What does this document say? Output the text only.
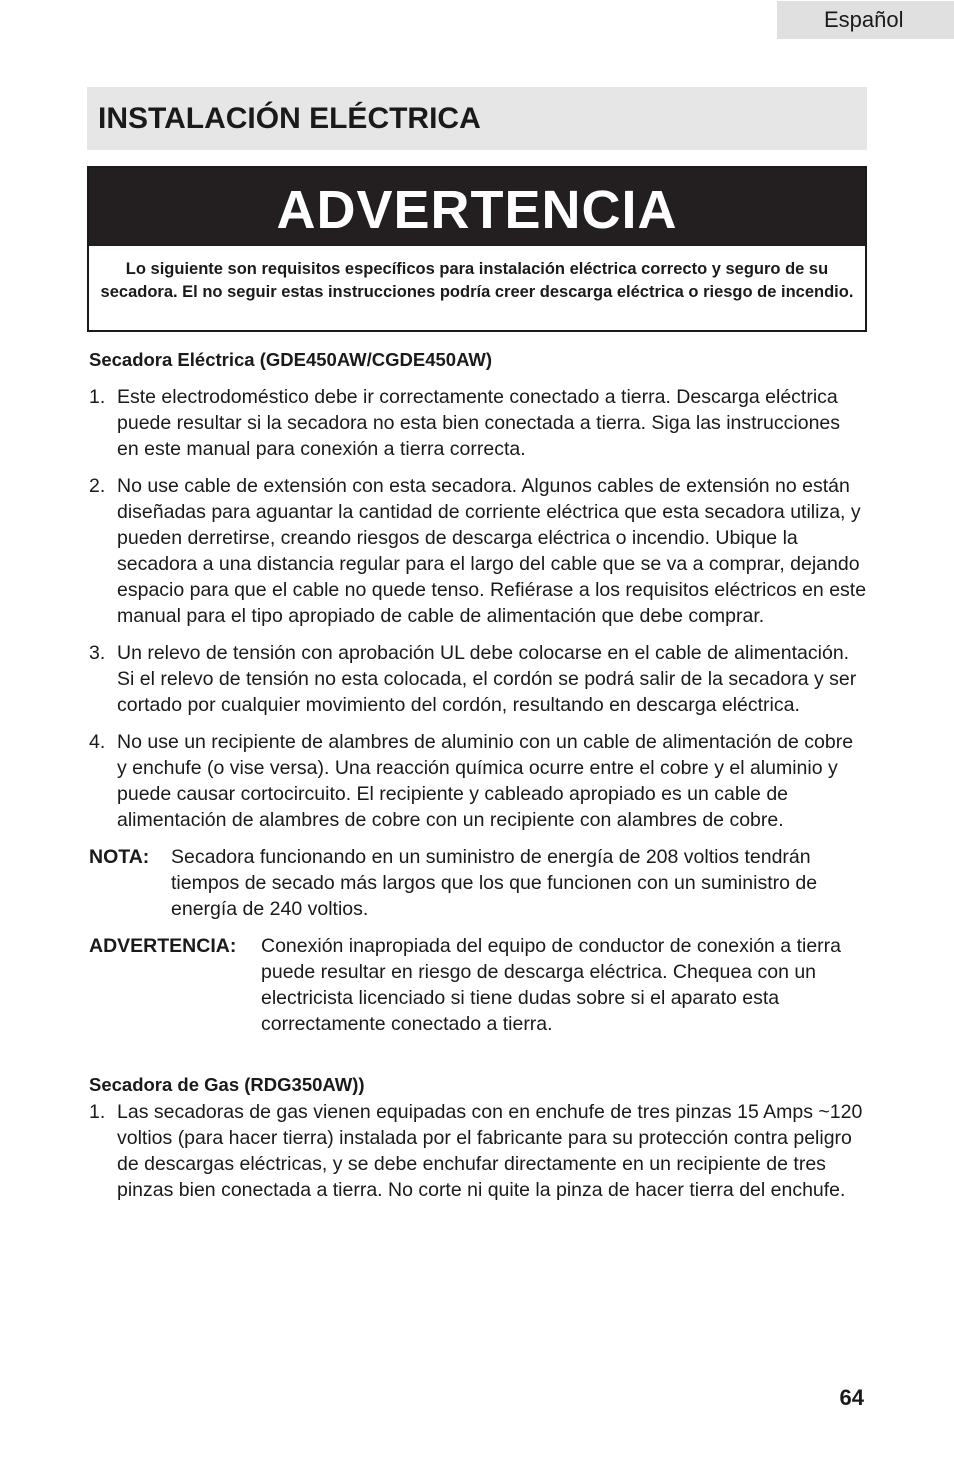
Español
INSTALACIÓN ELÉCTRICA
ADVERTENCIA
Lo siguiente son requisitos específicos para instalación eléctrica correcto y seguro de su secadora. El no seguir estas instrucciones podría creer descarga eléctrica o riesgo de incendio.

Secadora Eléctrica (GDE450AW/CGDE450AW)

1. Este electrodoméstico debe ir correctamente conectado a tierra. Descarga eléctrica puede resultar si la secadora no esta bien conectada a tierra. Siga las instrucciones en este manual para conexión a tierra correcta.
2. No use cable de extensión con esta secadora. Algunos cables de extensión no están diseñadas para aguantar la cantidad de corriente eléctrica que esta secadora utiliza, y pueden derretirse, creando riesgos de descarga eléctrica o incendio. Ubique la secadora a una distancia regular para el largo del cable que se va a comprar, dejando espacio para que el cable no quede tenso. Refiérase a los requisitos eléctricos en este manual para el tipo apropiado de cable de alimentación que debe comprar.
3. Un relevo de tensión con aprobación UL debe colocarse en el cable de alimentación. Si el relevo de tensión no esta colocada, el cordón se podrá salir de la secadora y ser cortado por cualquier movimiento del cordón, resultando en descarga eléctrica.
4. No use un recipiente de alambres de aluminio con un cable de alimentación de cobre y enchufe (o vise versa). Una reacción química ocurre entre el cobre y el aluminio y puede causar cortocircuito. El recipiente y cableado apropiado es un cable de alimentación de alambres de cobre con un recipiente con alambres de cobre.
NOTA:	Secadora funcionando en un suministro de energía de 208 voltios tendrán tiempos de secado más largos que los que funcionen con un suministro de energía de 240 voltios.
ADVERTENCIA:	Conexión inapropiada del equipo de conductor de conexión a tierra puede resultar en riesgo de descarga eléctrica. Chequea con un electricista licenciado si tiene dudas sobre si el aparato esta correctamente conectado a tierra.

Secadora de Gas (RDG350AW))

1. Las secadoras de gas vienen equipadas con en enchufe de tres pinzas 15 Amps ~120 voltios (para hacer tierra) instalada por el fabricante para su protección contra peligro de descargas eléctricas, y se debe enchufar directamente en un recipiente de tres pinzas bien conectada a tierra. No corte ni quite la pinza de hacer tierra del enchufe.
64
